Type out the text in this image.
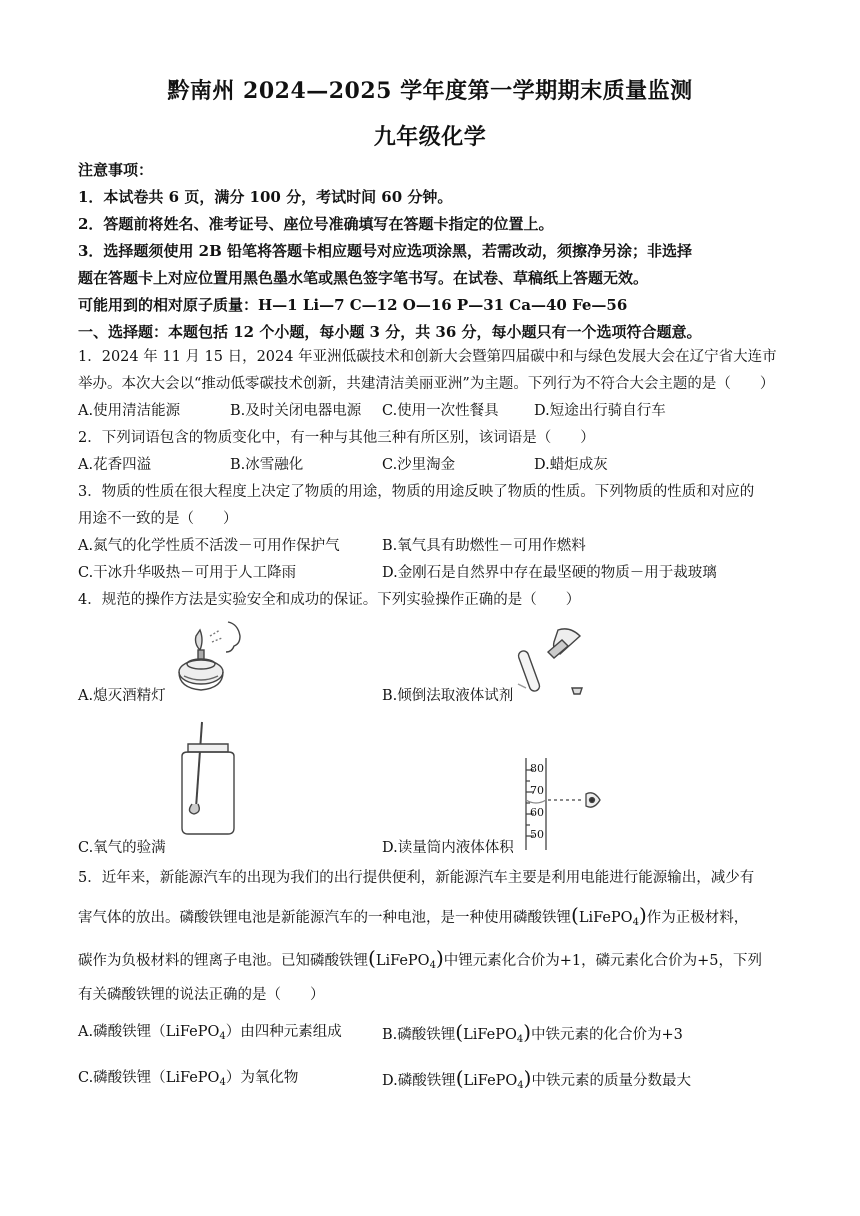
黔南州 2024—2025 学年度第一学期期末质量监测
九年级化学
注意事项：
1．本试卷共 6 页，满分 100 分，考试时间 60 分钟。
2．答题前将姓名、准考证号、座位号准确填写在答题卡指定的位置上。
3．选择题须使用 2B 铅笔将答题卡相应题号对应选项涂黑，若需改动，须擦净另涂；非选择
题在答题卡上对应位置用黑色墨水笔或黑色签字笔书写。在试卷、草稿纸上答题无效。
可能用到的相对原子质量：H—1 Li—7 C—12 O—16 P—31 Ca—40 Fe—56
一、选择题：本题包括 12 个小题，每小题 3 分，共 36 分，每小题只有一个选项符合题意。
1．2024 年 11 月 15 日，2024 年亚洲低碳技术和创新大会暨第四届碳中和与绿色发展大会在辽宁省大连市
举办。本次大会以“推动低零碳技术创新，共建清洁美丽亚洲”为主题。下列行为不符合大会主题的是（　　）
A.使用清洁能源	B.及时关闭电器电源 C.使用一次性餐具 D.短途出行骑自行车
2．下列词语包含的物质变化中，有一种与其他三种有所区别，该词语是（　　）
A.花香四溢	B.冰雪融化	C.沙里淘金	D.蜡炬成灰
3．物质的性质在很大程度上决定了物质的用途，物质的用途反映了物质的性质。下列物质的性质和对应的
用途不一致的是（　　）
A.氮气的化学性质不活泼－可用作保护气	B.氧气具有助燃性－可用作燃料
C.干冰升华吸热－可用于人工降雨	D.金刚石是自然界中存在最坚硬的物质－用于裁玻璃
4．规范的操作方法是实验安全和成功的保证。下列实验操作正确的是（　　）
A.熄灭酒精灯	B.倾倒法取液体试剂
C.氧气的验满
80
70
60
50
D.读量筒内液体体积
5．近年来，新能源汽车的出现为我们的出行提供便利，新能源汽车主要是利用电能进行能源输出，减少有
害气体的放出。磷酸铁锂电池是新能源汽车的一种电池，是一种使用磷酸铁锂(LiFePO$_4$)作为正极材料，
碳作为负极材料的锂离子电池。已知磷酸铁锂(LiFePO$_4$)中锂元素化合价为+1，磷元素化合价为+5，下列
有关磷酸铁锂的说法正确的是（　　）
A.磷酸铁锂（LiFePO$_4$）由四种元素组成	B.磷酸铁锂(LiFePO$_4$)中铁元素的化合价为+3
C.磷酸铁锂（LiFePO$_4$）为氧化物	D.磷酸铁锂(LiFePO$_4$)中铁元素的质量分数最大
